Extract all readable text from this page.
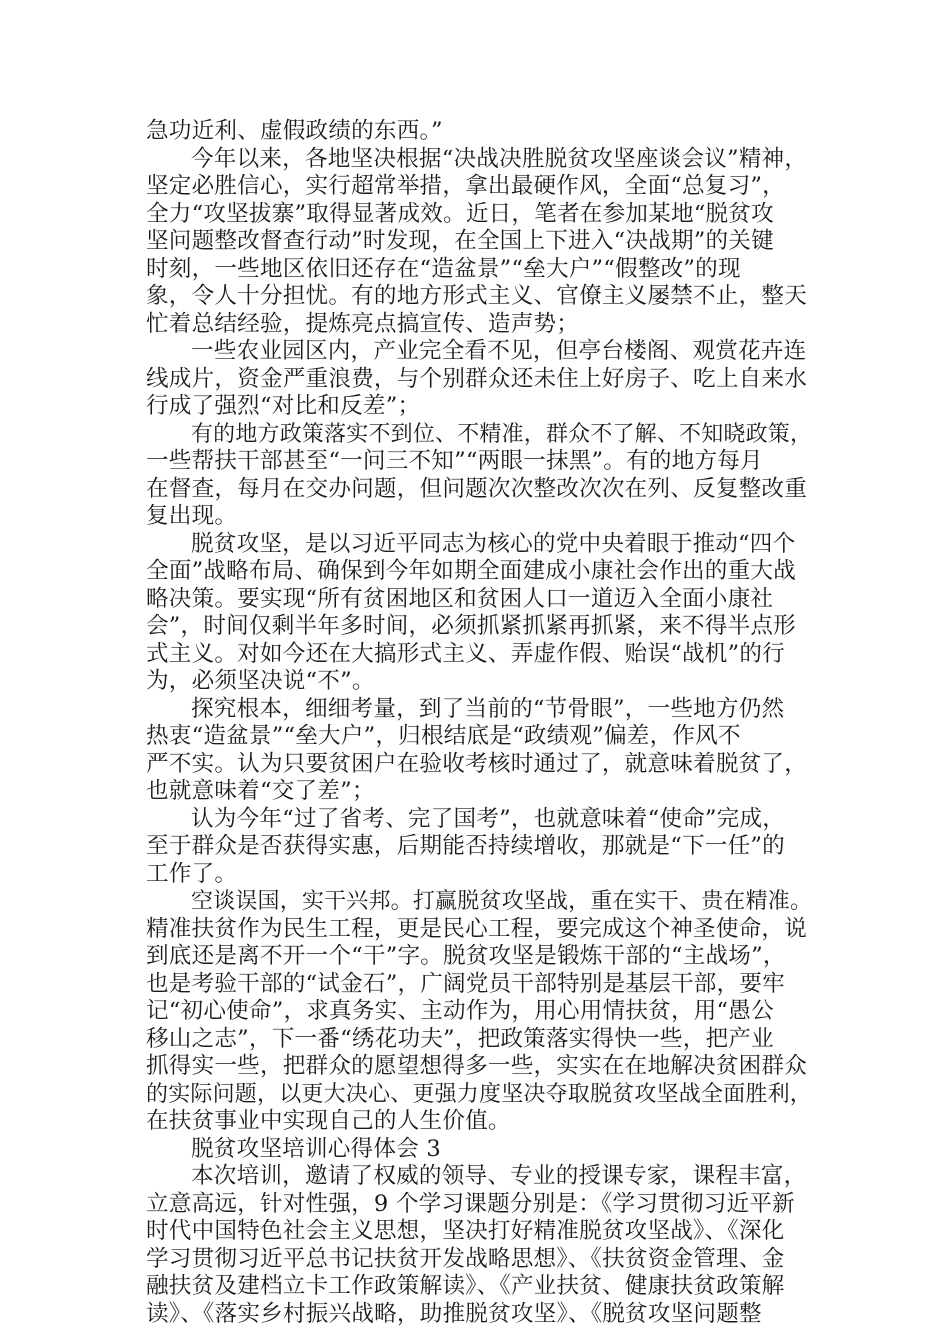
急功近利、虚假政绩的东西。”
今年以来，各地坚决根据“决战决胜脱贫攻坚座谈会议”精神，
坚定必胜信心，实行超常举措，拿出最硬作风，全面“总复习”，
全力“攻坚拔寨”取得显著成效。近日，笔者在参加某地“脱贫攻
坚问题整改督查行动”时发现，在全国上下进入“决战期”的关键
时刻，一些地区依旧还存在“造盆景”“垒大户”“假整改”的现
象，令人十分担忧。有的地方形式主义、官僚主义屡禁不止，整天
忙着总结经验，提炼亮点搞宣传、造声势；
一些农业园区内，产业完全看不见，但亭台楼阁、观赏花卉连
线成片，资金严重浪费，与个别群众还未住上好房子、吃上自来水
行成了强烈“对比和反差”；
有的地方政策落实不到位、不精准，群众不了解、不知晓政策，
一些帮扶干部甚至“一问三不知”“两眼一抹黑”。有的地方每月
在督查，每月在交办问题，但问题次次整改次次在列、反复整改重
复出现。
脱贫攻坚，是以习近平同志为核心的党中央着眼于推动“四个
全面”战略布局、确保到今年如期全面建成小康社会作出的重大战
略决策。要实现“所有贫困地区和贫困人口一道迈入全面小康社
会”，时间仅剩半年多时间，必须抓紧抓紧再抓紧，来不得半点形
式主义。对如今还在大搞形式主义、弄虚作假、贻误“战机”的行
为，必须坚决说“不”。
探究根本，细细考量，到了当前的“节骨眼”，一些地方仍然
热衷“造盆景”“垒大户”，归根结底是“政绩观”偏差，作风不
严不实。认为只要贫困户在验收考核时通过了，就意味着脱贫了，
也就意味着“交了差”；
认为今年“过了省考、完了国考”，也就意味着“使命”完成，
至于群众是否获得实惠，后期能否持续增收，那就是“下一任”的
工作了。
空谈误国，实干兴邦。打赢脱贫攻坚战，重在实干、贵在精准。
精准扶贫作为民生工程，更是民心工程，要完成这个神圣使命，说
到底还是离不开一个“干”字。脱贫攻坚是锻炼干部的“主战场”，
也是考验干部的“试金石”，广阔党员干部特别是基层干部，要牢
记“初心使命”，求真务实、主动作为，用心用情扶贫，用“愚公
移山之志”，下一番“绣花功夫”，把政策落实得快一些，把产业
抓得实一些，把群众的愿望想得多一些，实实在在地解决贫困群众
的实际问题，以更大决心、更强力度坚决夺取脱贫攻坚战全面胜利，
在扶贫事业中实现自己的人生价值。
脱贫攻坚培训心得体会 3
本次培训，邀请了权威的领导、专业的授课专家，课程丰富，
立意高远，针对性强，9 个学习课题分别是：《学习贯彻习近平新
时代中国特色社会主义思想，坚决打好精准脱贫攻坚战》、《深化
学习贯彻习近平总书记扶贫开发战略思想》、《扶贫资金管理、金
融扶贫及建档立卡工作政策解读》、《产业扶贫、健康扶贫政策解
读》、《落实乡村振兴战略，助推脱贫攻坚》、《脱贫攻坚问题整
